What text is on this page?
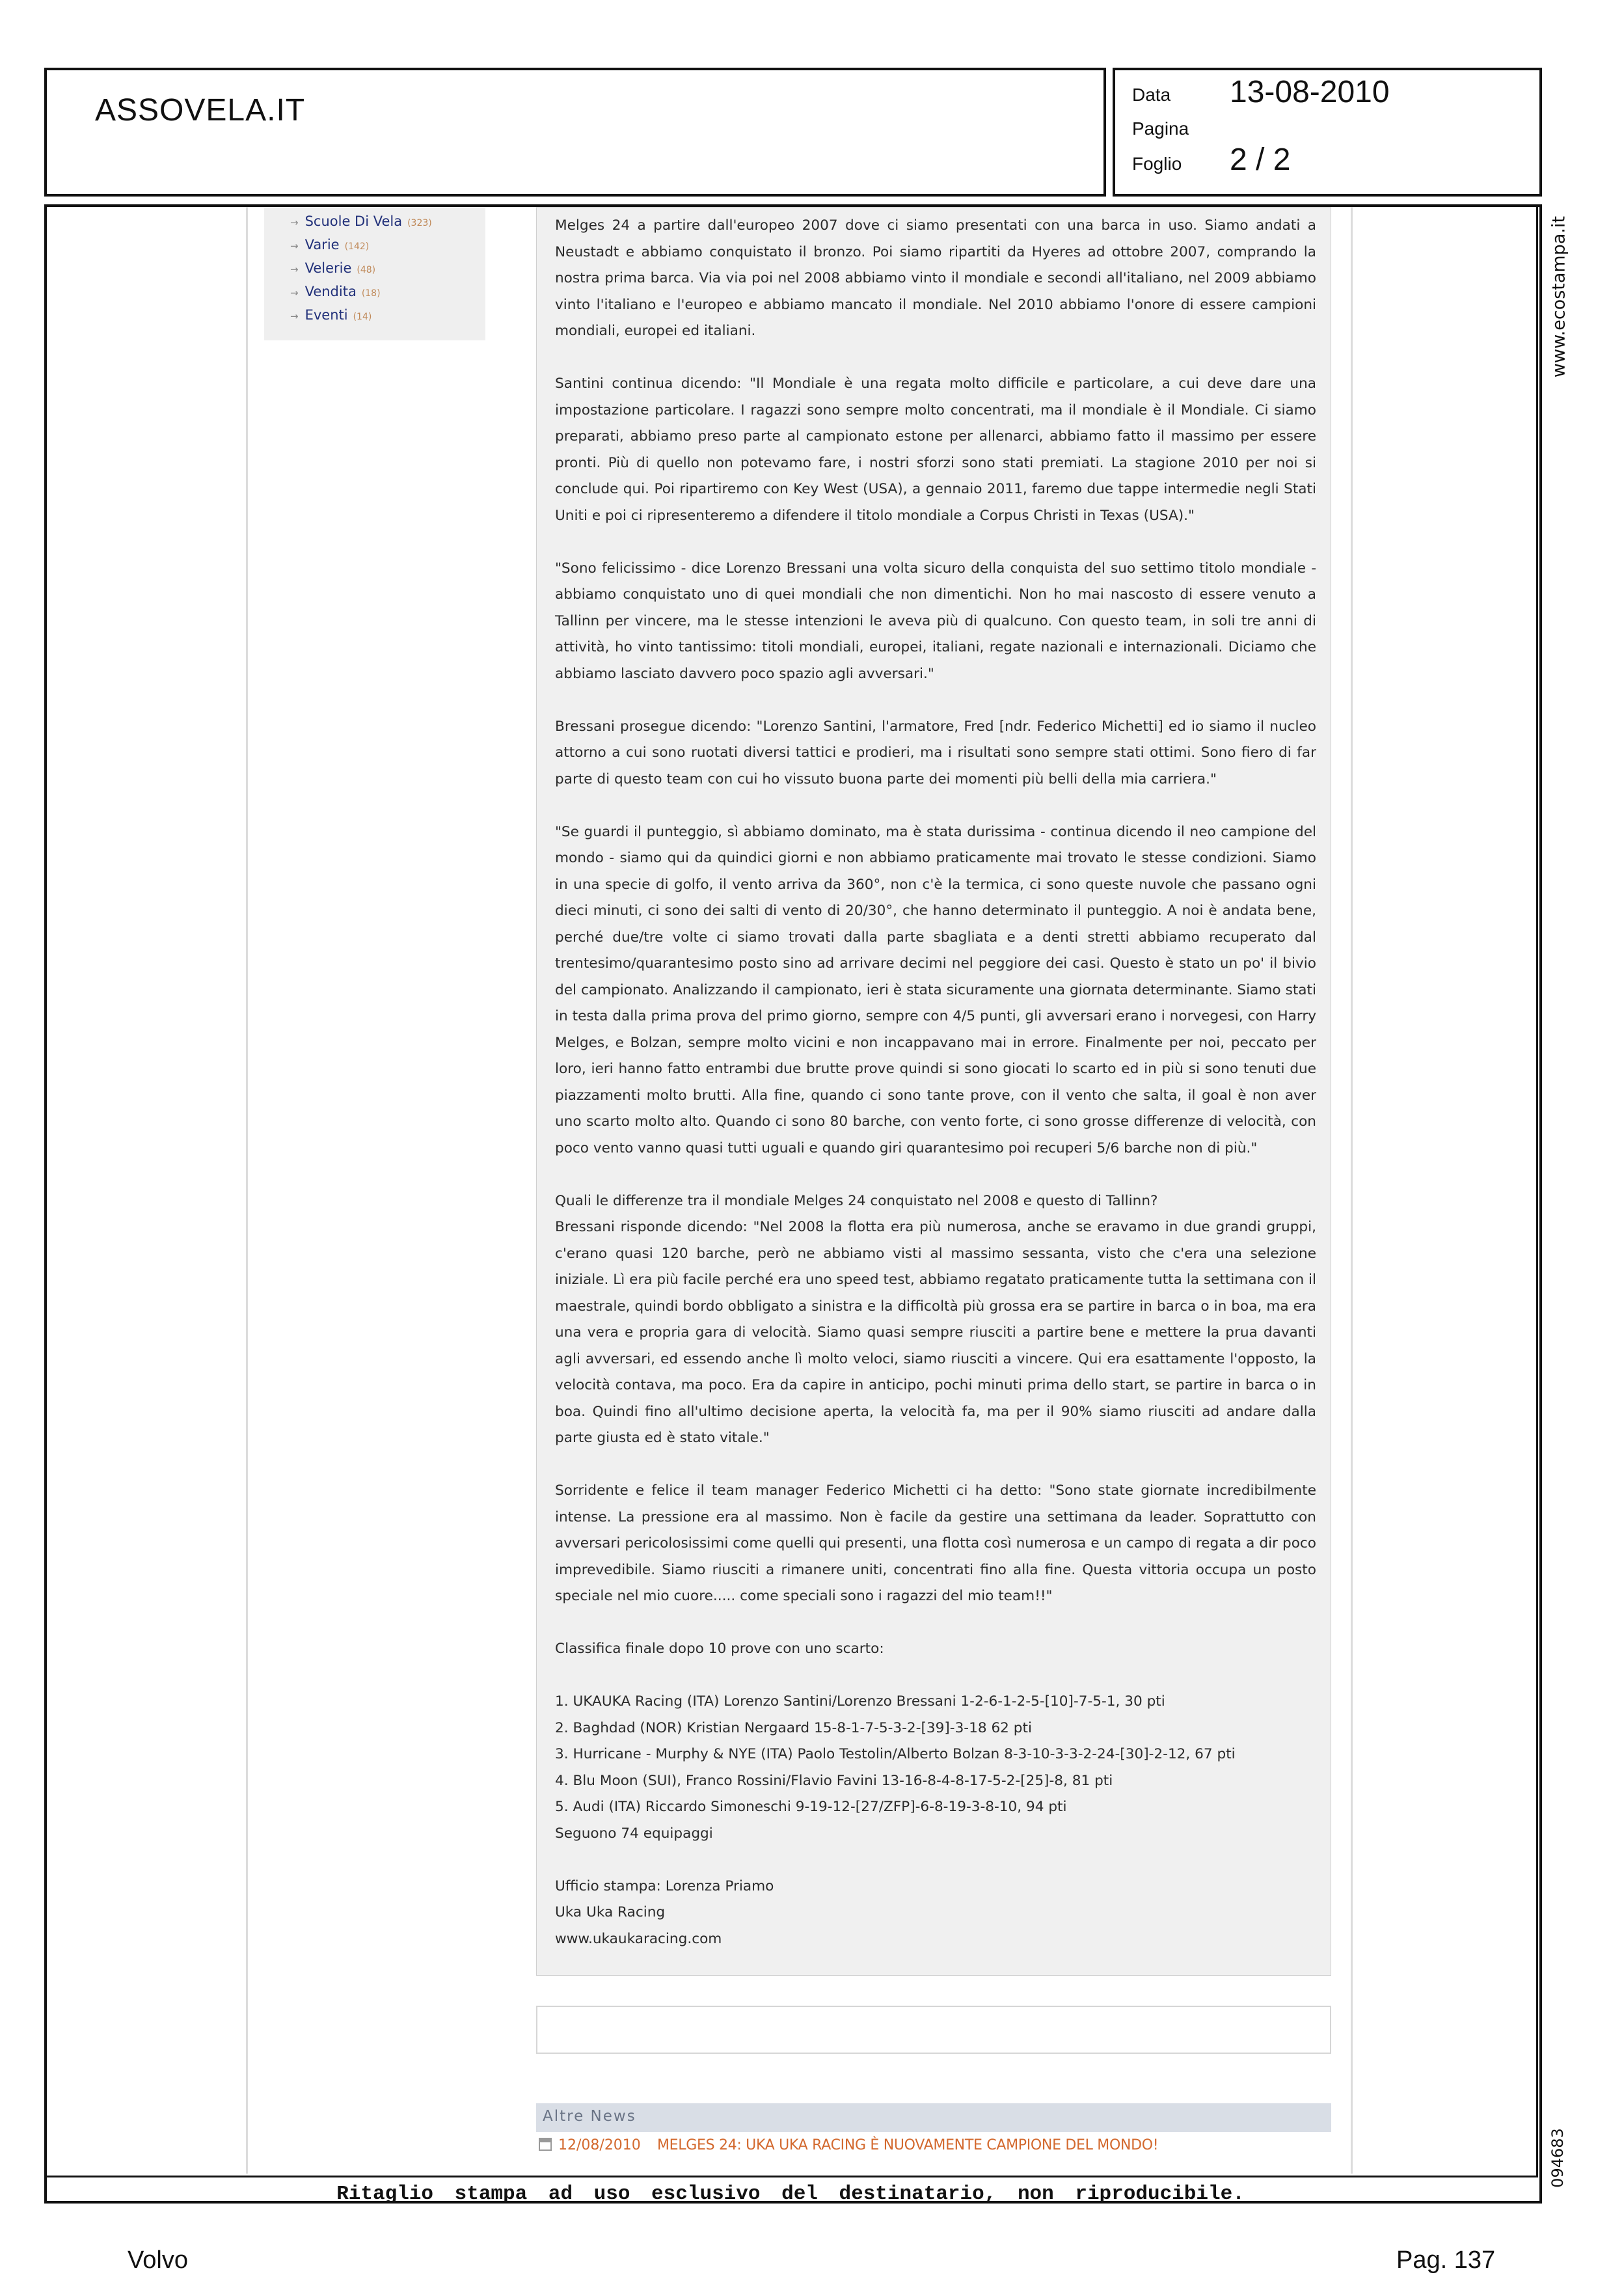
ASSOVELA.IT	Data 13-08-2010
Pagina
Foglio 2 / 2
→ Scuole Di Vela (323)
→ Varie (142)
→ Velerie (48)
→ Vendita (18)
→ Eventi (14)

Melges 24 a partire dall'europeo 2007 dove ci siamo presentati con una barca in uso. Siamo andati a Neustadt e abbiamo conquistato il bronzo. Poi siamo ripartiti da Hyeres ad ottobre 2007, comprando la nostra prima barca. Via via poi nel 2008 abbiamo vinto il mondiale e secondi all'italiano, nel 2009 abbiamo vinto l'italiano e l'europeo e abbiamo mancato il mondiale. Nel 2010 abbiamo l'onore di essere campioni mondiali, europei ed italiani.

Santini continua dicendo: "Il Mondiale è una regata molto difficile e particolare, a cui deve dare una impostazione particolare. I ragazzi sono sempre molto concentrati, ma il mondiale è il Mondiale. Ci siamo preparati, abbiamo preso parte al campionato estone per allenarci, abbiamo fatto il massimo per essere pronti. Più di quello non potevamo fare, i nostri sforzi sono stati premiati. La stagione 2010 per noi si conclude qui. Poi ripartiremo con Key West (USA), a gennaio 2011, faremo due tappe intermedie negli Stati Uniti e poi ci ripresenteremo a difendere il titolo mondiale a Corpus Christi in Texas (USA)."

"Sono felicissimo - dice Lorenzo Bressani una volta sicuro della conquista del suo settimo titolo mondiale - abbiamo conquistato uno di quei mondiali che non dimentichi. Non ho mai nascosto di essere venuto a Tallinn per vincere, ma le stesse intenzioni le aveva più di qualcuno. Con questo team, in soli tre anni di attività, ho vinto tantissimo: titoli mondiali, europei, italiani, regate nazionali e internazionali. Diciamo che abbiamo lasciato davvero poco spazio agli avversari."

Bressani prosegue dicendo: "Lorenzo Santini, l'armatore, Fred [ndr. Federico Michetti] ed io siamo il nucleo attorno a cui sono ruotati diversi tattici e prodieri, ma i risultati sono sempre stati ottimi. Sono fiero di far parte di questo team con cui ho vissuto buona parte dei momenti più belli della mia carriera."

"Se guardi il punteggio, sì abbiamo dominato, ma è stata durissima - continua dicendo il neo campione del mondo - siamo qui da quindici giorni e non abbiamo praticamente mai trovato le stesse condizioni. Siamo in una specie di golfo, il vento arriva da 360°, non c'è la termica, ci sono queste nuvole che passano ogni dieci minuti, ci sono dei salti di vento di 20/30°, che hanno determinato il punteggio. A noi è andata bene, perché due/tre volte ci siamo trovati dalla parte sbagliata e a denti stretti abbiamo recuperato dal trentesimo/quarantesimo posto sino ad arrivare decimi nel peggiore dei casi. Questo è stato un po' il bivio del campionato. Analizzando il campionato, ieri è stata sicuramente una giornata determinante. Siamo stati in testa dalla prima prova del primo giorno, sempre con 4/5 punti, gli avversari erano i norvegesi, con Harry Melges, e Bolzan, sempre molto vicini e non incappavano mai in errore. Finalmente per noi, peccato per loro, ieri hanno fatto entrambi due brutte prove quindi si sono giocati lo scarto ed in più si sono tenuti due piazzamenti molto brutti. Alla fine, quando ci sono tante prove, con il vento che salta, il goal è non aver uno scarto molto alto. Quando ci sono 80 barche, con vento forte, ci sono grosse differenze di velocità, con poco vento vanno quasi tutti uguali e quando giri quarantesimo poi recuperi 5/6 barche non di più."

Quali le differenze tra il mondiale Melges 24 conquistato nel 2008 e questo di Tallinn?

Bressani risponde dicendo: "Nel 2008 la flotta era più numerosa, anche se eravamo in due grandi gruppi, c'erano quasi 120 barche, però ne abbiamo visti al massimo sessanta, visto che c'era una selezione iniziale. Lì era più facile perché era uno speed test, abbiamo regatato praticamente tutta la settimana con il maestrale, quindi bordo obbligato a sinistra e la difficoltà più grossa era se partire in barca o in boa, ma era una vera e propria gara di velocità. Siamo quasi sempre riusciti a partire bene e mettere la prua davanti agli avversari, ed essendo anche lì molto veloci, siamo riusciti a vincere. Qui era esattamente l'opposto, la velocità contava, ma poco. Era da capire in anticipo, pochi minuti prima dello start, se partire in barca o in boa. Quindi fino all'ultimo decisione aperta, la velocità fa, ma per il 90% siamo riusciti ad andare dalla parte giusta ed è stato vitale."

Sorridente e felice il team manager Federico Michetti ci ha detto: "Sono state giornate incredibilmente intense. La pressione era al massimo. Non è facile da gestire una settimana da leader. Soprattutto con avversari pericolosissimi come quelli qui presenti, una flotta così numerosa e un campo di regata a dir poco imprevedibile. Siamo riusciti a rimanere uniti, concentrati fino alla fine. Questa vittoria occupa un posto speciale nel mio cuore..... come speciali sono i ragazzi del mio team!!"

Classifica finale dopo 10 prove con uno scarto:

1. UKAUKA Racing (ITA) Lorenzo Santini/Lorenzo Bressani 1-2-6-1-2-5-[10]-7-5-1, 30 pti
2. Baghdad (NOR) Kristian Nergaard 15-8-1-7-5-3-2-[39]-3-18 62 pti
3. Hurricane - Murphy & NYE (ITA) Paolo Testolin/Alberto Bolzan 8-3-10-3-3-2-24-[30]-2-12, 67 pti
4. Blu Moon (SUI), Franco Rossini/Flavio Favini 13-16-8-4-8-17-5-2-[25]-8, 81 pti
5. Audi (ITA) Riccardo Simoneschi 9-19-12-[27/ZFP]-6-8-19-3-8-10, 94 pti
Seguono 74 equipaggi

Ufficio stampa: Lorenza Priamo
Uka Uka Racing
www.ukaukaracing.com

Altre News
12/08/2010 MELGES 24: UKA UKA RACING È NUOVAMENTE CAMPIONE DEL MONDO!
Ritaglio stampa ad uso esclusivo del destinatario, non riproducibile.
www.ecostampa.it
094683
Volvo	Pag. 137
